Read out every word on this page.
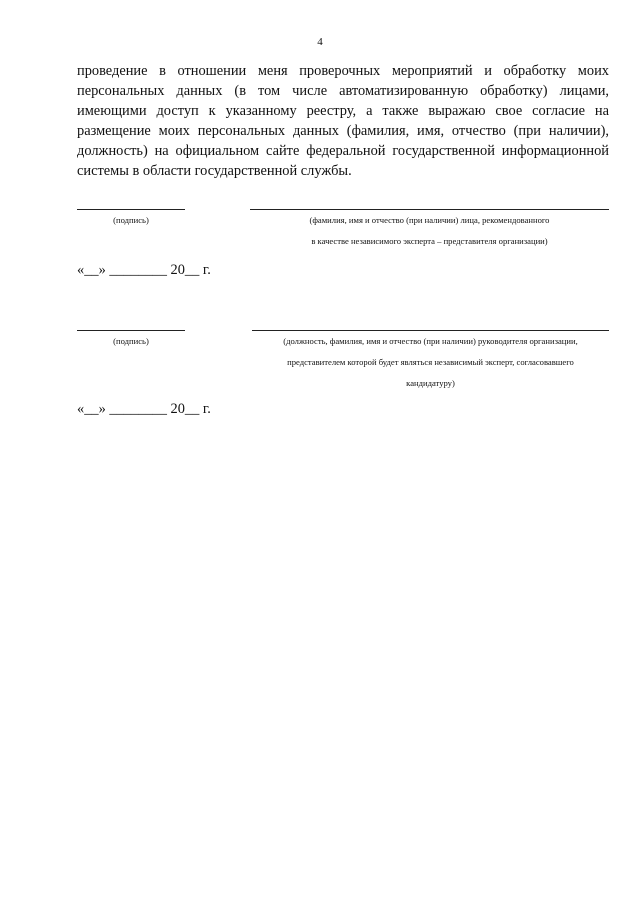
4
проведение в отношении меня проверочных мероприятий и обработку моих
персональных данных (в том числе автоматизированную обработку) лицами,
имеющими доступ к указанному реестру, а также выражаю свое согласие на
размещение моих персональных данных (фамилия, имя, отчество (при наличии),
должность) на официальном сайте федеральной государственной информационной
системы в области государственной службы.

(подпись)	(фамилия, имя и отчество (при наличии) лица, рекомендованного
в качестве независимого эксперта – представителя организации)

«__» ________ 20__ г.

(подпись)	(должность, фамилия, имя и отчество (при наличии) руководителя организации,
представителем которой будет являться независимый эксперт, согласовавшего
кандидатуру)

«__» ________ 20__ г.
